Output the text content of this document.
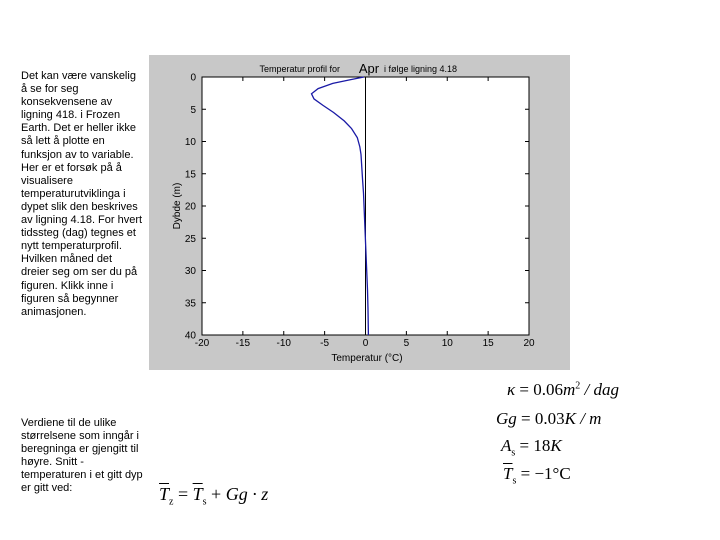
Det kan være vanskelig å se for seg konsekvensene av ligning 418. i Frozen Earth. Det er heller ikke så lett å plotte en funksjon av to variable. Her er et forsøk på å visualisere temperaturutviklinga i dypet slik den beskrives av ligning 4.18. For hvert tidssteg (dag) tegnes et nytt temperaturprofil. Hvilken måned det dreier seg om ser du på figuren. Klikk inne i figuren så begynner animasjonen.
Verdiene til de ulike størrelsene som inngår i beregninga er gjengitt til høyre. Snitt -temperaturen i et gitt dyp er gitt ved:
-20	-15	-10	-5	0	5	10	15	20
0
5
10
15
20
25
30
35
40
Temperatur profil for Apr i følge ligning 4.18
Temperatur (°C)
Dybde (m)
$\kappa = 0.06m^2$ / dag
Gg = 0.03K / m
$A_s = 18K$
$\overline{T}_s = -1^\circ C$
$\overline{T}_z = \overline{T}_s + Gg \cdot z$
